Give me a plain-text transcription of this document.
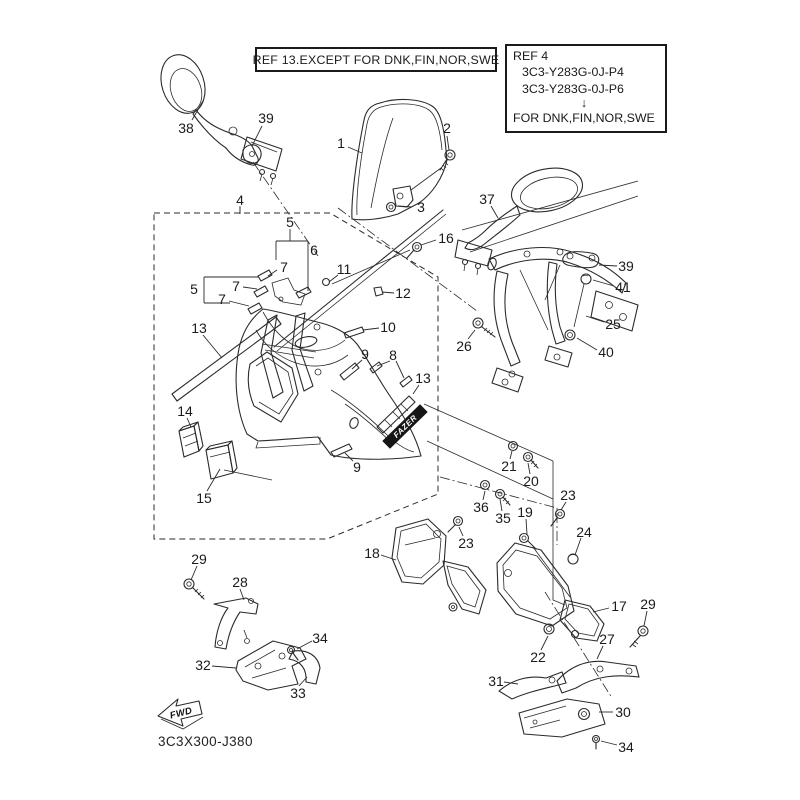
FAZER
FWD
3C3X300-J380
38
39
1
2
3
4
16
5
6
7
5 7
7
11
12
13	10
9 8
13
14
15
9	21
20
36
35 19
23
24
23
18
17 29
22
27
31
30
34
29
28
34
32
33
37
39
41
25
40
26
REF 13.EXCEPT FOR DNK,FIN,NOR,SWE REF 4
3C3-Y283G-0J-P4
3C3-Y283G-0J-P6
↓
FOR DNK,FIN,NOR,SWE
